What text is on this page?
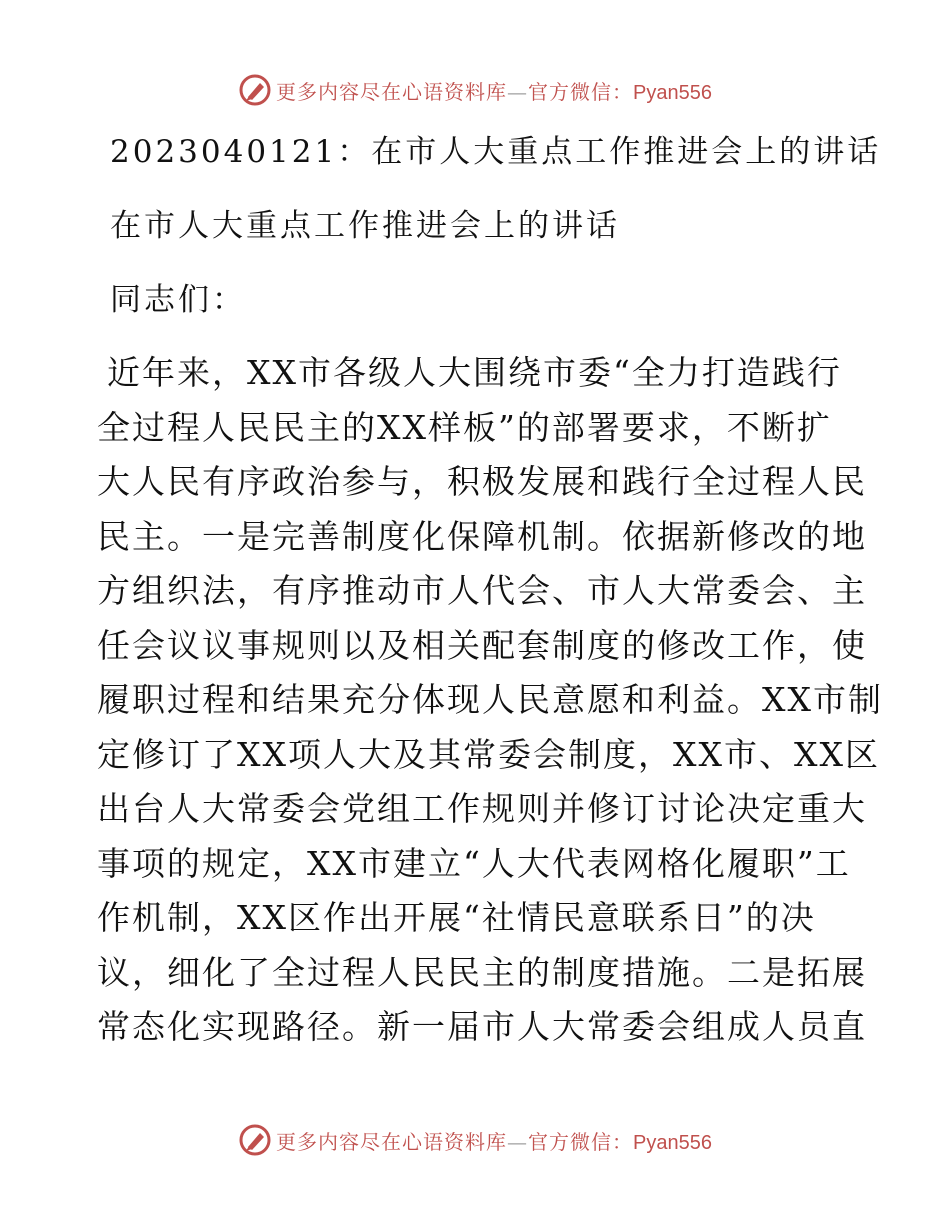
更多内容尽在心语资料库—官方微信：Pyan556
2023040121：在市人大重点工作推进会上的讲话
在市人大重点工作推进会上的讲话
同志们：
近年来，XX市各级人大围绕市委“全力打造践行
全过程人民民主的XX样板”的部署要求，不断扩
大人民有序政治参与，积极发展和践行全过程人民
民主。一是完善制度化保障机制。依据新修改的地
方组织法，有序推动市人代会、市人大常委会、主
任会议议事规则以及相关配套制度的修改工作，使
履职过程和结果充分体现人民意愿和利益。XX市制
定修订了XX项人大及其常委会制度，XX市、XX区
出台人大常委会党组工作规则并修订讨论决定重大
事项的规定，XX市建立“人大代表网格化履职”工
作机制，XX区作出开展“社情民意联系日”的决
议，细化了全过程人民民主的制度措施。二是拓展
常态化实现路径。新一届市人大常委会组成人员直
更多内容尽在心语资料库—官方微信：Pyan556
